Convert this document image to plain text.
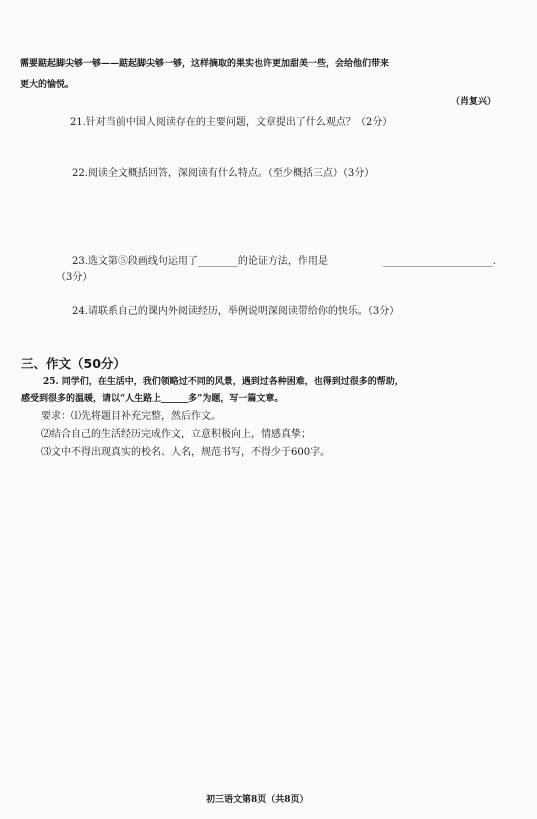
需要踮起脚尖够一够——踮起脚尖够一够，这样摘取的果实也许更加甜美一些，会给他们带来
更大的愉悦。
（肖复兴）
21.针对当前中国人阅读存在的主要问题，文章提出了什么观点？（2分）
22.阅读全文概括回答，深阅读有什么特点。（至少概括三点）（3分）
23.选文第⑤段画线句运用了________的论证方法，作用是	______________________.
（3分）
24.请联系自己的课内外阅读经历，举例说明深阅读带给你的快乐。（3分）
三、作文（50分）
25. 同学们，在生活中，我们领略过不同的风景，遇到过各种困难，也得到过很多的帮助，
感受到很多的温暖，请以“人生路上______多”为题，写一篇文章。
要求：⑴先将题目补充完整，然后作文。
⑵结合自己的生活经历完成作文，立意积极向上，情感真挚；
⑶文中不得出现真实的校名、人名，规范书写，不得少于600字。
初三语文第8页（共8页）
